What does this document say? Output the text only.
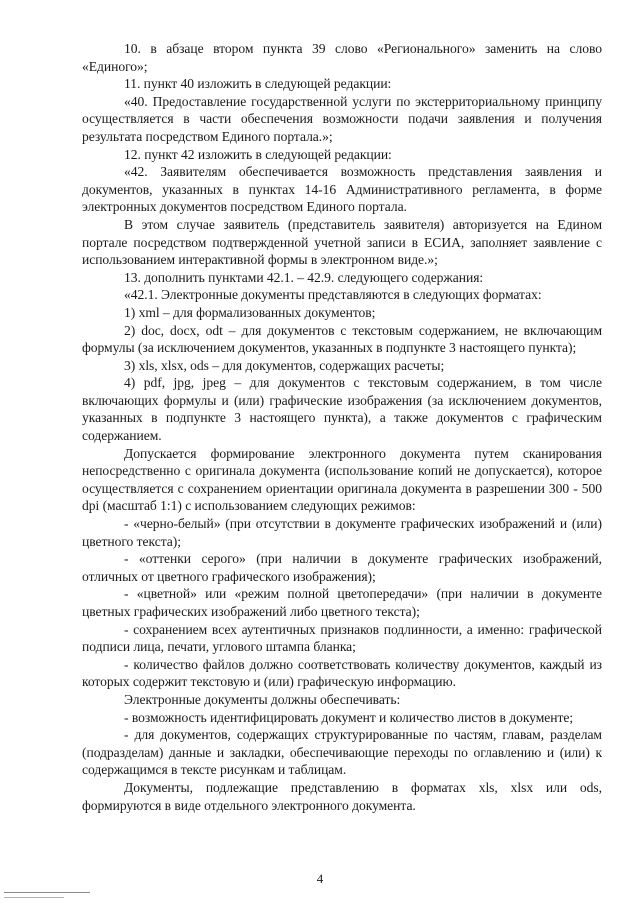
10. в абзаце втором пункта 39 слово «Регионального» заменить на слово «Единого»;

11. пункт 40 изложить в следующей редакции:

«40. Предоставление государственной услуги по экстерриториальному принципу осуществляется в части обеспечения возможности подачи заявления и получения результата посредством Единого портала.»;

12. пункт 42 изложить в следующей редакции:

«42. Заявителям обеспечивается возможность представления заявления и документов, указанных в пунктах 14-16 Административного регламента, в форме электронных документов посредством Единого портала.

В этом случае заявитель (представитель заявителя) авторизуется на Едином портале посредством подтвержденной учетной записи в ЕСИА, заполняет заявление с использованием интерактивной формы в электронном виде.»;

13. дополнить пунктами 42.1. – 42.9. следующего содержания:

«42.1. Электронные документы представляются в следующих форматах:

1) xml – для формализованных документов;

2) doc, docx, odt – для документов с текстовым содержанием, не включающим формулы (за исключением документов, указанных в подпункте 3 настоящего пункта);

3) xls, xlsx, ods – для документов, содержащих расчеты;

4) pdf, jpg, jpeg – для документов с текстовым содержанием, в том числе включающих формулы и (или) графические изображения (за исключением документов, указанных в подпункте 3 настоящего пункта), а также документов с графическим содержанием.

Допускается формирование электронного документа путем сканирования непосредственно с оригинала документа (использование копий не допускается), которое осуществляется с сохранением ориентации оригинала документа в разрешении 300 - 500 dpi (масштаб 1:1) с использованием следующих режимов:

- «черно-белый» (при отсутствии в документе графических изображений и (или) цветного текста);

- «оттенки серого» (при наличии в документе графических изображений, отличных от цветного графического изображения);

- «цветной» или «режим полной цветопередачи» (при наличии в документе цветных графических изображений либо цветного текста);

- сохранением всех аутентичных признаков подлинности, а именно: графической подписи лица, печати, углового штампа бланка;

- количество файлов должно соответствовать количеству документов, каждый из которых содержит текстовую и (или) графическую информацию.

Электронные документы должны обеспечивать:

- возможность идентифицировать документ и количество листов в документе;

- для документов, содержащих структурированные по частям, главам, разделам (подразделам) данные и закладки, обеспечивающие переходы по оглавлению и (или) к содержащимся в тексте рисункам и таблицам.

Документы, подлежащие представлению в форматах xls, xlsx или ods, формируются в виде отдельного электронного документа.

4
